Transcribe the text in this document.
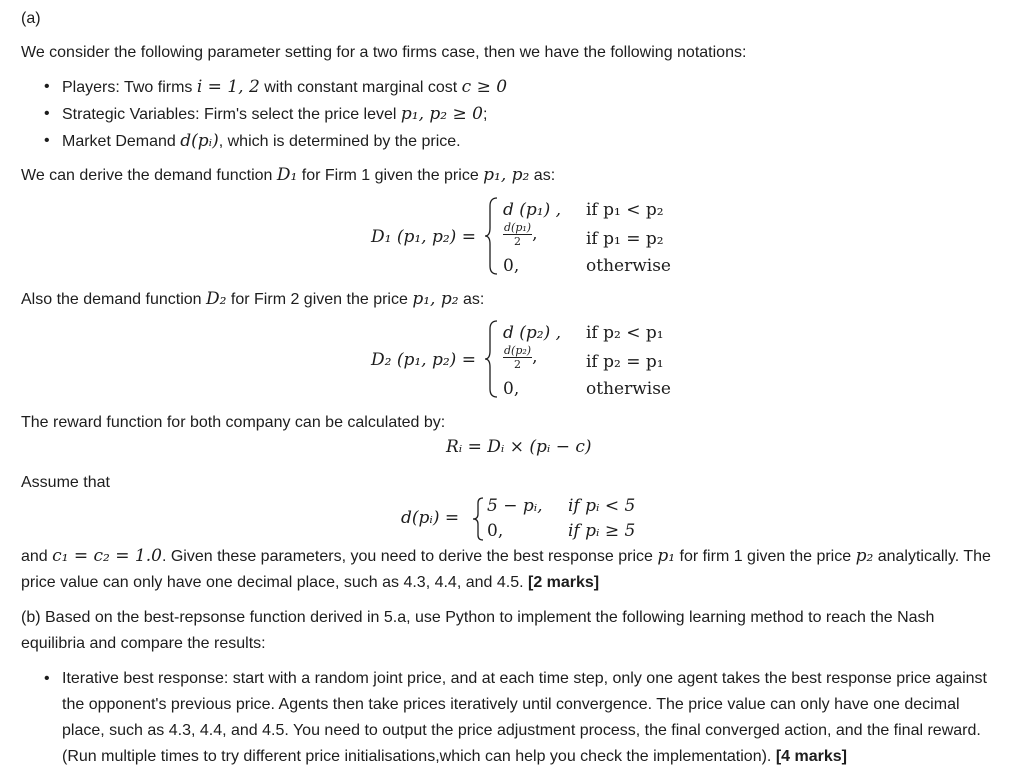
(a)
We consider the following parameter setting for a two firms case, then we have the following notations:
• Players: Two firms i = 1, 2 with constant marginal cost c ≥ 0
• Strategic Variables: Firm's select the price level p₁, p₂ ≥ 0;
• Market Demand d(pᵢ), which is determined by the price.
We can derive the demand function D₁ for Firm 1 given the price p₁, p₂ as:
D₁ (p₁, p₂) =
d (p₁) ,
$\frac{\text{d(p₁)}}{2}$ ,
0,
if p₁ < p₂
if p₁ = p₂
otherwise
Also the demand function D₂ for Firm 2 given the price p₁, p₂ as:
D₂ (p₁, p₂) =
d (p₂) ,
$\frac{\text{d(p₂)}}{2}$ ,
0,
if p₂ < p₁
if p₂ = p₁
otherwise
The reward function for both company can be calculated by:
Rᵢ = Dᵢ × (pᵢ − c)
Assume that
d(pᵢ) =
5 − pᵢ,
0,
if pᵢ < 5
if pᵢ ≥ 5
and c₁ = c₂ = 1.0. Given these parameters, you need to derive the best response price p₁ for firm 1 given the price p₂ analytically. The
price value can only have one decimal place, such as 4.3, 4.4, and 4.5. [2 marks]
(b) Based on the best-repsonse function derived in 5.a, use Python to implement the following learning method to reach the Nash
equilibria and compare the results:
• Iterative best response: start with a random joint price, and at each time step, only one agent takes the best response price against
the opponent's previous price. Agents then take prices iteratively until convergence. The price value can only have one decimal
place, such as 4.3, 4.4, and 4.5. You need to output the price adjustment process, the final converged action, and the final reward.
(Run multiple times to try different price initialisations,which can help you check the implementation). [4 marks]
